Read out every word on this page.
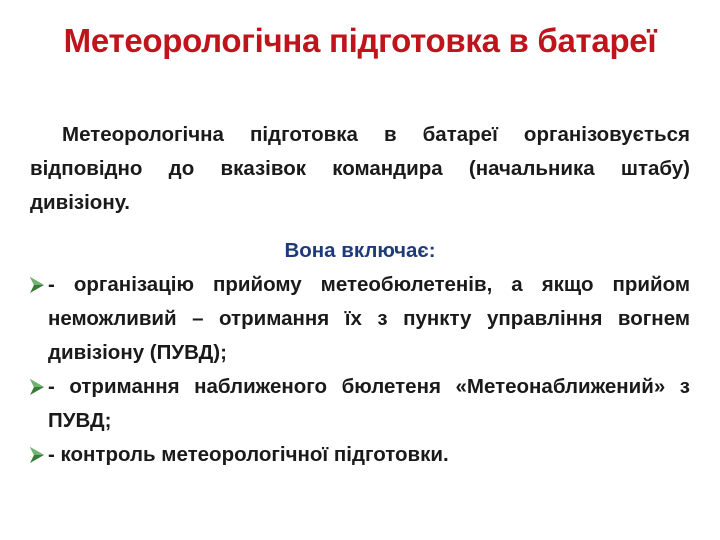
Метеорологічна підготовка в батареї

Метеорологічна підготовка в батареї організовується відповідно до вказівок командира (начальника штабу) дивізіону.

Вона включає:

- організацію прийому метеобюлетенів, а якщо прийом неможливий – отримання їх з пункту управління вогнем дивізіону (ПУВД);
- отримання наближеного бюлетеня «Метеонаближений» з ПУВД;
- контроль метеорологічної підготовки.
